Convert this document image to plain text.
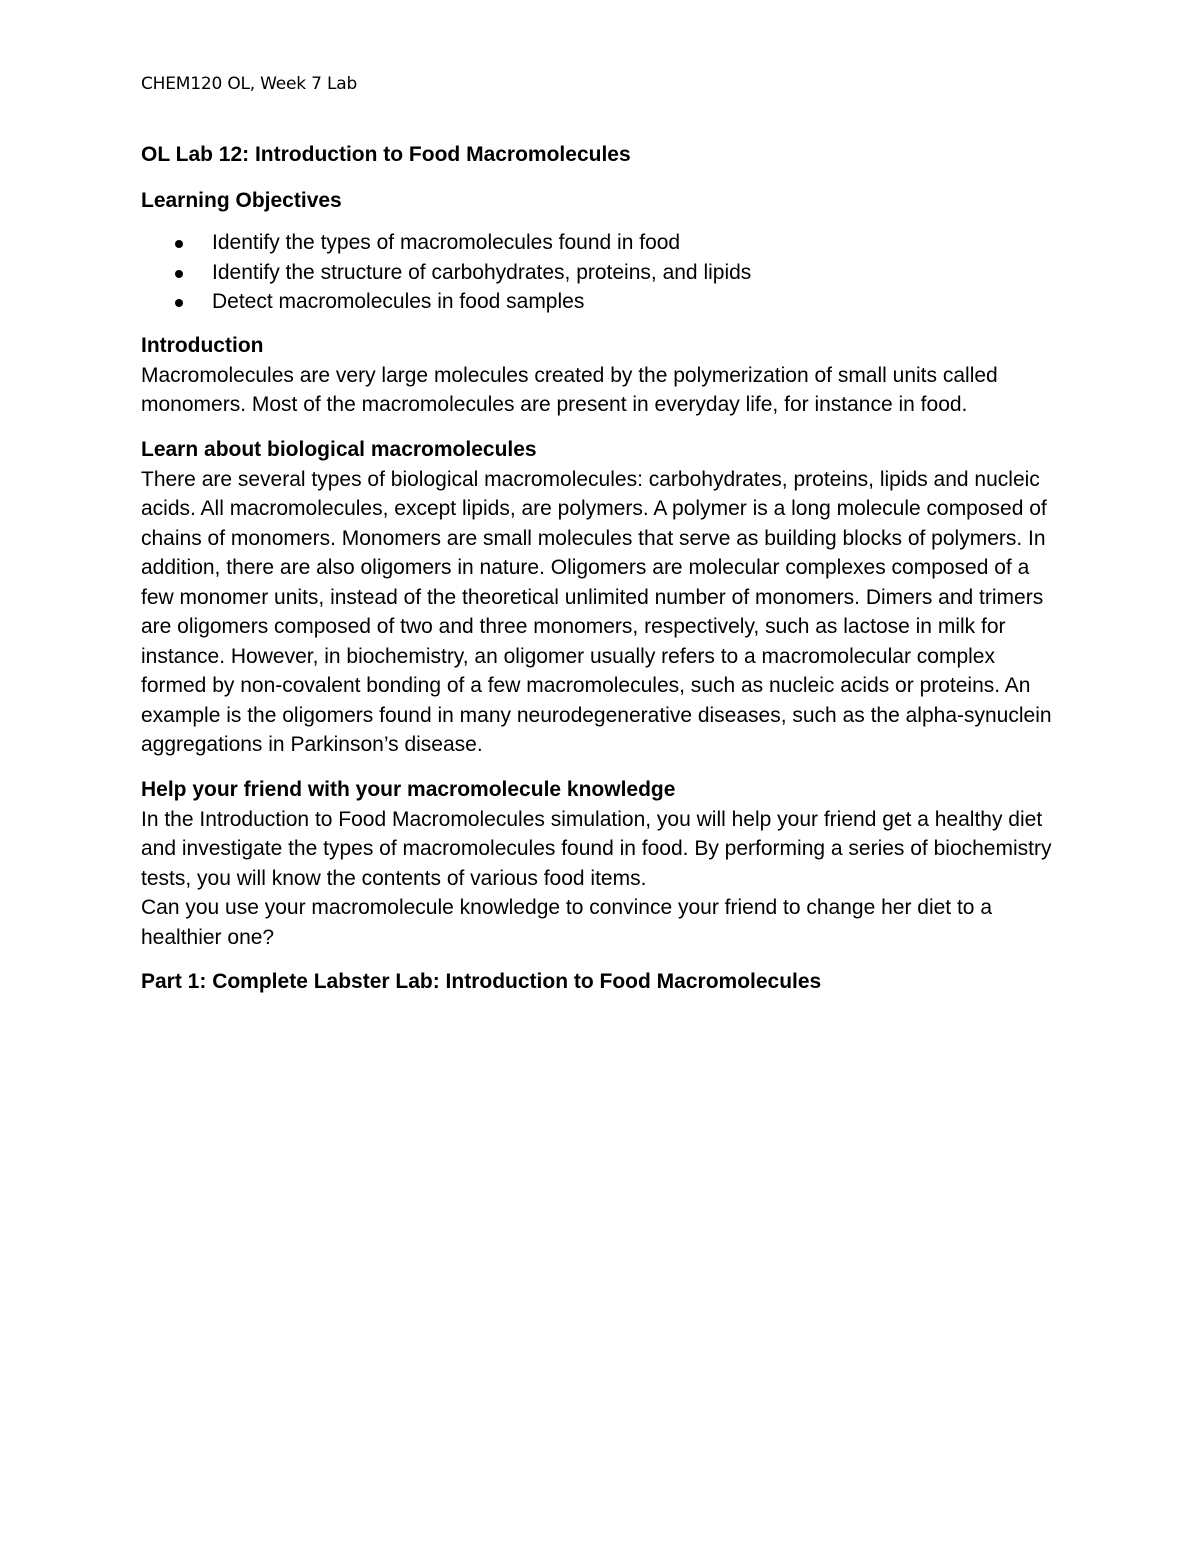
CHEM120 OL, Week 7 Lab
OL Lab 12: Introduction to Food Macromolecules
Learning Objectives
Identify the types of macromolecules found in food
Identify the structure of carbohydrates, proteins, and lipids
Detect macromolecules in food samples
Introduction

Macromolecules are very large molecules created by the polymerization of small units called monomers. Most of the macromolecules are present in everyday life, for instance in food.

Learn about biological macromolecules

There are several types of biological macromolecules: carbohydrates, proteins, lipids and nucleic acids. All macromolecules, except lipids, are polymers. A polymer is a long molecule composed of chains of monomers. Monomers are small molecules that serve as building blocks of polymers. In addition, there are also oligomers in nature. Oligomers are molecular complexes composed of a few monomer units, instead of the theoretical unlimited number of monomers. Dimers and trimers are oligomers composed of two and three monomers, respectively, such as lactose in milk for instance. However, in biochemistry, an oligomer usually refers to a macromolecular complex formed by non-covalent bonding of a few macromolecules, such as nucleic acids or proteins. An example is the oligomers found in many neurodegenerative diseases, such as the alpha-synuclein aggregations in Parkinson’s disease.

Help your friend with your macromolecule knowledge

In the Introduction to Food Macromolecules simulation, you will help your friend get a healthy diet and investigate the types of macromolecules found in food. By performing a series of biochemistry tests, you will know the contents of various food items.

Can you use your macromolecule knowledge to convince your friend to change her diet to a healthier one?

Part 1: Complete Labster Lab: Introduction to Food Macromolecules
